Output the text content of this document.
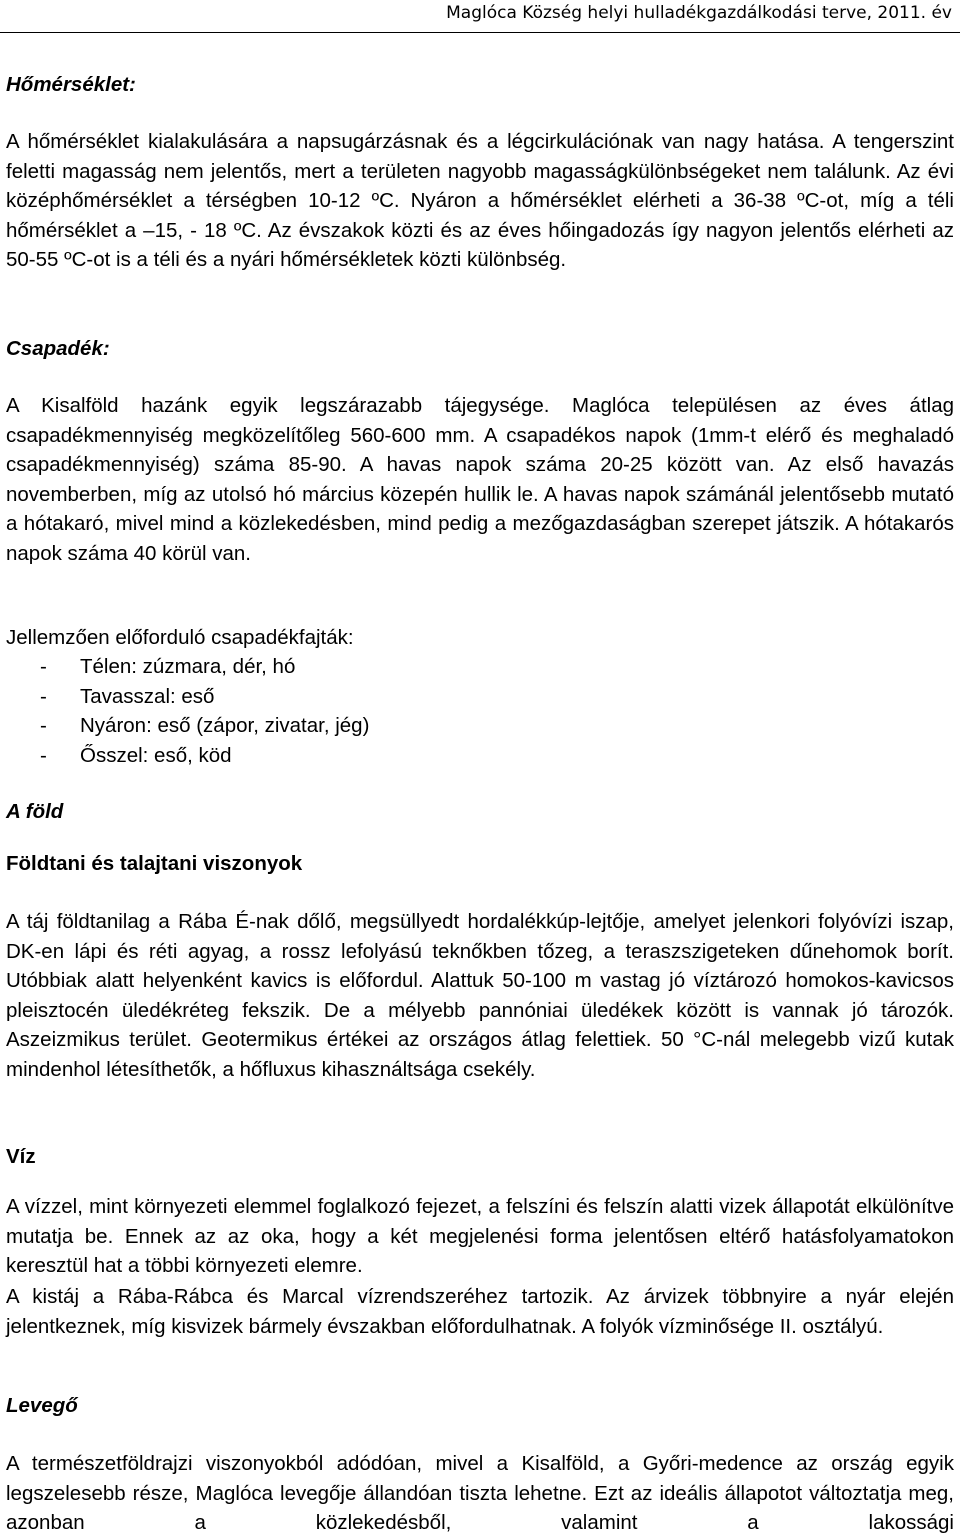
Maglóca Község helyi hulladékgazdálkodási terve, 2011. év
Hőmérséklet:

A hőmérséklet kialakulására a napsugárzásnak és a légcirkulációnak van nagy hatása. A tengerszint feletti magasság nem jelentős, mert a területen nagyobb magasságkülönbségeket nem találunk. Az évi középhőmérséklet a térségben 10-12 ºC. Nyáron a hőmérséklet elérheti a 36-38 ºC-ot, míg a téli hőmérséklet a –15, - 18 ºC. Az évszakok közti és az éves hőingadozás így nagyon jelentős elérheti az 50-55 ºC-ot is a téli és a nyári hőmérsékletek közti különbség.

Csapadék:

A Kisalföld hazánk egyik legszárazabb tájegysége. Maglóca településen az éves átlag csapadékmennyiség megközelítőleg 560-600 mm. A csapadékos napok (1mm-t elérő és meghaladó csapadékmennyiség) száma 85-90. A havas napok száma 20-25 között van. Az első havazás novemberben, míg az utolsó hó március közepén hullik le. A havas napok számánál jelentősebb mutató a hótakaró, mivel mind a közlekedésben, mind pedig a mezőgazdaságban szerepet játszik. A hótakarós napok száma 40 körül van.

Jellemzően előforduló csapadékfajták:
- Télen: zúzmara, dér, hó
- Tavasszal: eső
- Nyáron: eső (zápor, zivatar, jég)
- Ősszel: eső, köd
A föld
Földtani és talajtani viszonyok

A táj földtanilag a Rába É-nak dőlő, megsüllyedt hordalékkúp-lejtője, amelyet jelenkori folyóvízi iszap, DK-en lápi és réti agyag, a rossz lefolyású teknőkben tőzeg, a teraszszigeteken dűnehomok borít. Utóbbiak alatt helyenként kavics is előfordul. Alattuk 50-100 m vastag jó víztározó homokos-kavicsos pleisztocén üledékréteg fekszik. De a mélyebb pannóniai üledékek között is vannak jó tározók. Aszeizmikus terület. Geotermikus értékei az országos átlag felettiek. 50 °C-nál melegebb vizű kutak mindenhol létesíthetők, a hőfluxus kihasználtsága csekély.

Víz

A vízzel, mint környezeti elemmel foglalkozó fejezet, a felszíni és felszín alatti vizek állapotát elkülönítve mutatja be. Ennek az az oka, hogy a két megjelenési forma jelentősen eltérő hatásfolyamatokon keresztül hat a többi környezeti elemre.

A kistáj a Rába-Rábca és Marcal vízrendszeréhez tartozik. Az árvizek többnyire a nyár elején jelentkeznek, míg kisvizek bármely évszakban előfordulhatnak. A folyók vízminősége II. osztályú.

Levegő

A természetföldrajzi viszonyokból adódóan, mivel a Kisalföld, a Győri-medence az ország egyik legszelesebb része, Maglóca levegője állandóan tiszta lehetne. Ezt az ideális állapotot változtatja meg, azonban a közlekedésből, valamint a lakossági
